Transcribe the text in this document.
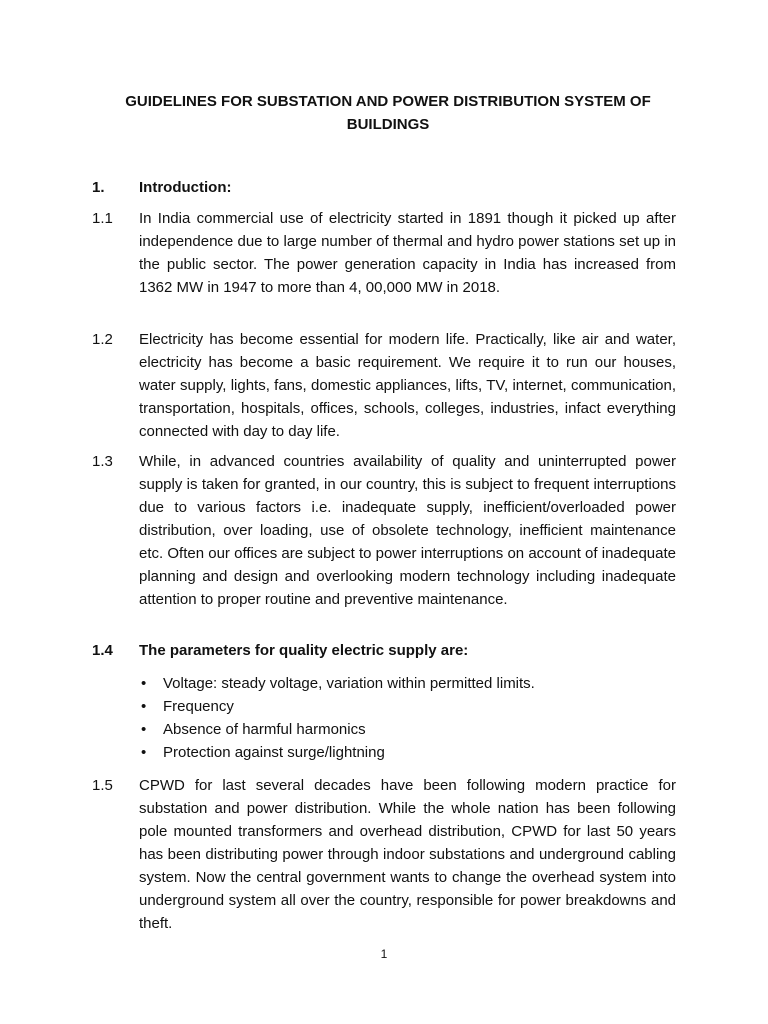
GUIDELINES FOR SUBSTATION AND POWER DISTRIBUTION SYSTEM OF BUILDINGS
1. Introduction:
1.1	In India commercial use of electricity started in 1891 though it picked up after independence due to large number of thermal and hydro power stations set up in the public sector. The power generation capacity in India has increased from 1362 MW in 1947 to more than 4, 00,000 MW in 2018.
1.2	Electricity has become essential for modern life. Practically, like air and water, electricity has become a basic requirement. We require it to run our houses, water supply, lights, fans, domestic appliances, lifts, TV, internet, communication, transportation, hospitals, offices, schools, colleges, industries, infact everything connected with day to day life.
1.3	While, in advanced countries availability of quality and uninterrupted power supply is taken for granted, in our country, this is subject to frequent interruptions due to various factors i.e. inadequate supply, inefficient/overloaded power distribution, over loading, use of obsolete technology, inefficient maintenance etc. Often our offices are subject to power interruptions on account of inadequate planning and design and overlooking modern technology including inadequate attention to proper routine and preventive maintenance.
1.4	The parameters for quality electric supply are:
• Voltage: steady voltage, variation within permitted limits.
• Frequency
• Absence of harmful harmonics
• Protection against surge/lightning
1.5	CPWD for last several decades have been following modern practice for substation and power distribution. While the whole nation has been following pole mounted transformers and overhead distribution, CPWD for last 50 years has been distributing power through indoor substations and underground cabling system. Now the central government wants to change the overhead system into underground system all over the country, responsible for power breakdowns and theft.
1
